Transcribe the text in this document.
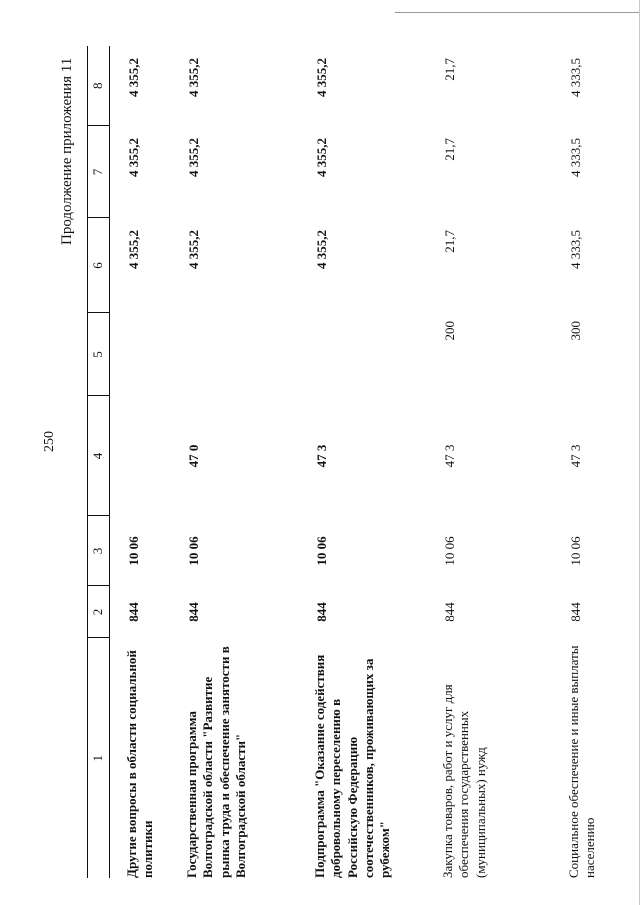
250
Продолжение приложения 11
1	2	3	4	5	6	7	8
Другие вопросы в области социальной политики	844	10 06			4 355,2	4 355,2	4 355,2
Государственная программа Волгоградской области "Развитие рынка труда и обеспечение занятости в Волгоградской области"	844	10 06	47 0		4 355,2	4 355,2	4 355,2
Подпрограмма "Оказание содействия добровольному переселению в Российскую Федерацию соотечественников, проживающих за рубежом"	844	10 06	47 3		4 355,2	4 355,2	4 355,2
Закупка товаров, работ и услуг для обеспечения государственных (муниципальных) нужд	844	10 06	47 3	200	21,7	21,7	21,7
Социальное обеспечение и иные выплаты населению	844	10 06	47 3	300	4 333,5	4 333,5	4 333,5
